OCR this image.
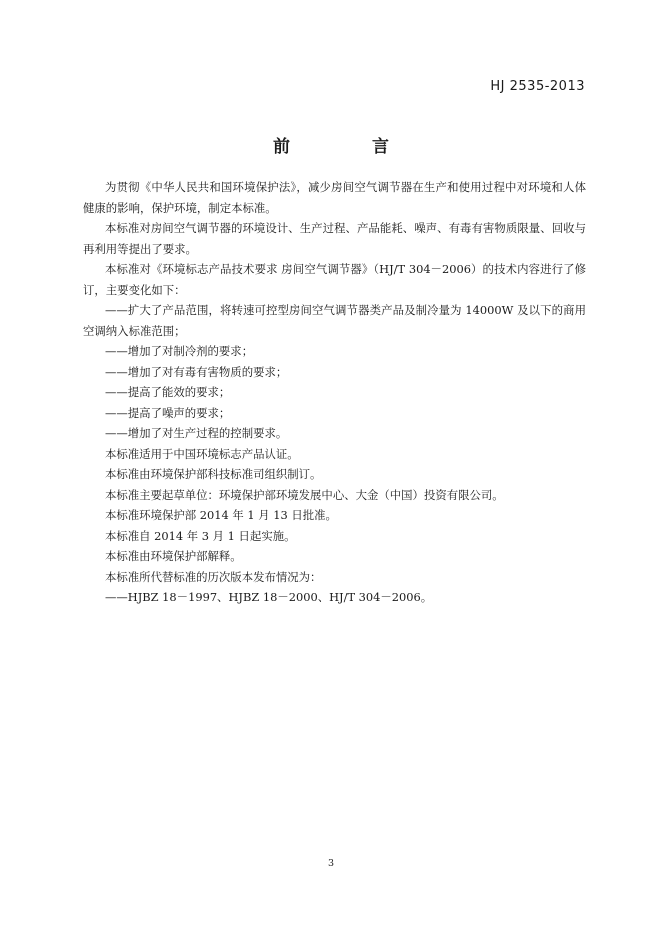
HJ 2535-2013
前 言

为贯彻《中华人民共和国环境保护法》，减少房间空气调节器在生产和使用过程中对环境和人体健康的影响，保护环境，制定本标准。

本标准对房间空气调节器的环境设计、生产过程、产品能耗、噪声、有毒有害物质限量、回收与再利用等提出了要求。

本标准对《环境标志产品技术要求 房间空气调节器》（HJ/T 304－2006）的技术内容进行了修订，主要变化如下：

——扩大了产品范围，将转速可控型房间空气调节器类产品及制冷量为 14000W 及以下的商用空调纳入标准范围；

——增加了对制冷剂的要求；

——增加了对有毒有害物质的要求；

——提高了能效的要求；

——提高了噪声的要求；

——增加了对生产过程的控制要求。

本标准适用于中国环境标志产品认证。

本标准由环境保护部科技标准司组织制订。

本标准主要起草单位：环境保护部环境发展中心、大金（中国）投资有限公司。

本标准环境保护部 2014 年 1 月 13 日批准。

本标准自 2014 年 3 月 1 日起实施。

本标准由环境保护部解释。

本标准所代替标准的历次版本发布情况为：

——HJBZ 18－1997、HJBZ 18－2000、HJ/T 304－2006。

3
